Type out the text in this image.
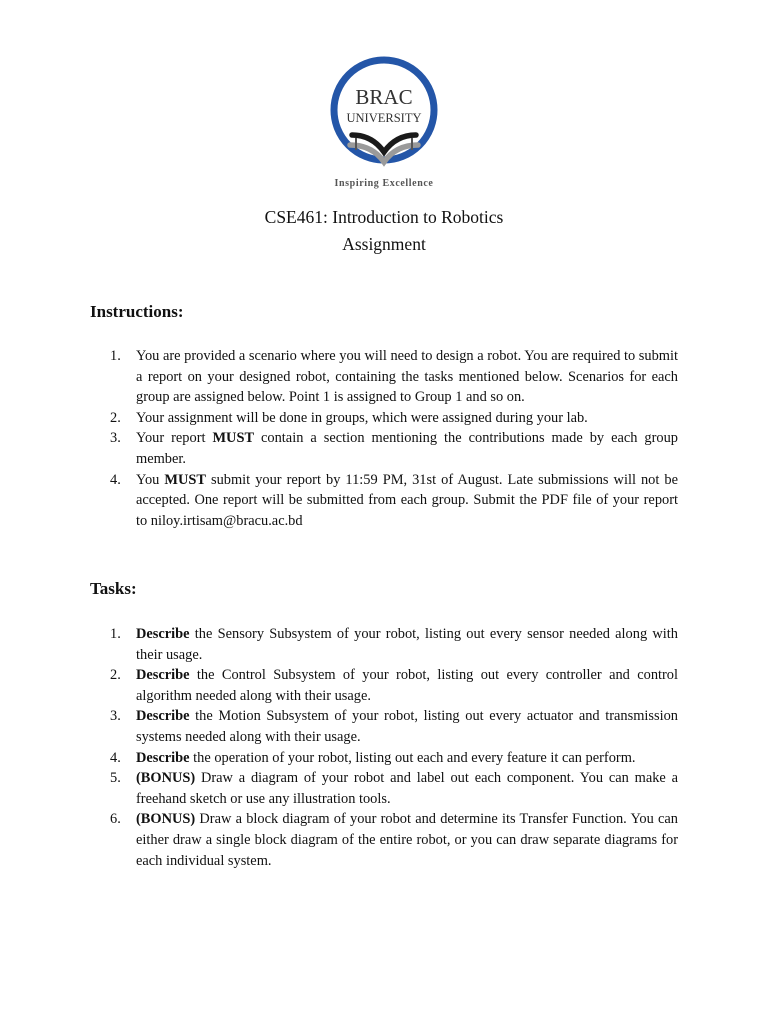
BRAC
UNIVERSITY
Inspiring Excellence
CSE461: Introduction to Robotics
Assignment
Instructions:
1. You are provided a scenario where you will need to design a robot. You are required to submit a report on your designed robot, containing the tasks mentioned below. Scenarios for each group are assigned below. Point 1 is assigned to Group 1 and so on.
2. Your assignment will be done in groups, which were assigned during your lab.
3. Your report MUST contain a section mentioning the contributions made by each group member.
4. You MUST submit your report by 11:59 PM, 31st of August. Late submissions will not be accepted. One report will be submitted from each group. Submit the PDF file of your report to niloy.irtisam@bracu.ac.bd
Tasks:
1. Describe the Sensory Subsystem of your robot, listing out every sensor needed along with their usage.
2. Describe the Control Subsystem of your robot, listing out every controller and control algorithm needed along with their usage.
3. Describe the Motion Subsystem of your robot, listing out every actuator and transmission systems needed along with their usage.
4. Describe the operation of your robot, listing out each and every feature it can perform.
5. (BONUS) Draw a diagram of your robot and label out each component. You can make a freehand sketch or use any illustration tools.
6. (BONUS) Draw a block diagram of your robot and determine its Transfer Function. You can either draw a single block diagram of the entire robot, or you can draw separate diagrams for each individual system.
